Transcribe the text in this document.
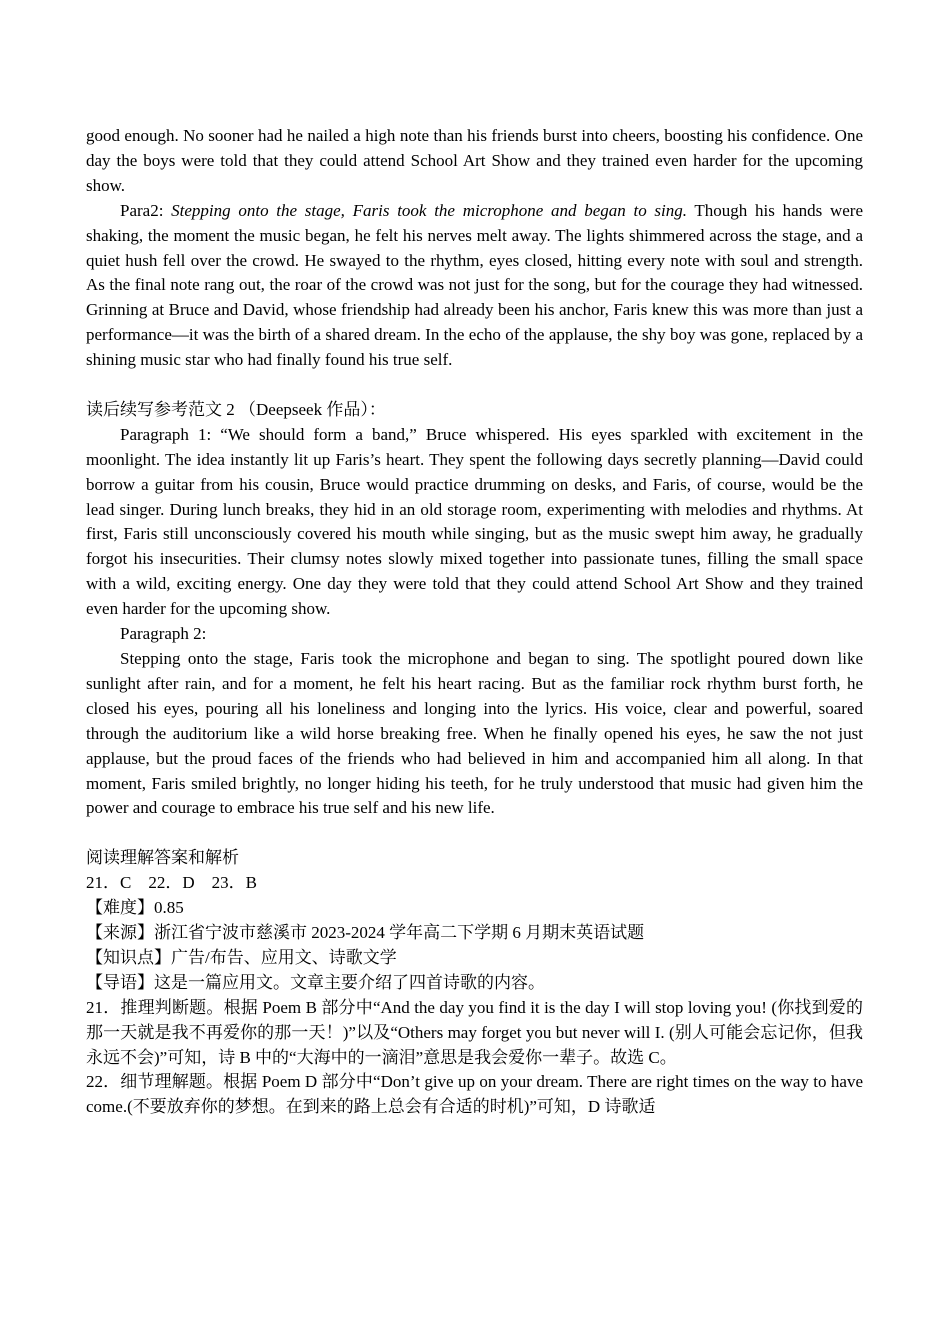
good enough. No sooner had he nailed a high note than his friends burst into cheers, boosting his confidence. One day the boys were told that they could attend School Art Show and they trained even harder for the upcoming show.

Para2: Stepping onto the stage, Faris took the microphone and began to sing. Though his hands were shaking, the moment the music began, he felt his nerves melt away. The lights shimmered across the stage, and a quiet hush fell over the crowd. He swayed to the rhythm, eyes closed, hitting every note with soul and strength. As the final note rang out, the roar of the crowd was not just for the song, but for the courage they had witnessed. Grinning at Bruce and David, whose friendship had already been his anchor, Faris knew this was more than just a performance—it was the birth of a shared dream. In the echo of the applause, the shy boy was gone, replaced by a shining music star who had finally found his true self.

读后续写参考范文 2 （Deepseek 作品）：

Paragraph 1: “We should form a band,” Bruce whispered. His eyes sparkled with excitement in the moonlight. The idea instantly lit up Faris’s heart. They spent the following days secretly planning—David could borrow a guitar from his cousin, Bruce would practice drumming on desks, and Faris, of course, would be the lead singer. During lunch breaks, they hid in an old storage room, experimenting with melodies and rhythms. At first, Faris still unconsciously covered his mouth while singing, but as the music swept him away, he gradually forgot his insecurities. Their clumsy notes slowly mixed together into passionate tunes, filling the small space with a wild, exciting energy. One day they were told that they could attend School Art Show and they trained even harder for the upcoming show.

Paragraph 2:

Stepping onto the stage, Faris took the microphone and began to sing. The spotlight poured down like sunlight after rain, and for a moment, he felt his heart racing. But as the familiar rock rhythm burst forth, he closed his eyes, pouring all his loneliness and longing into the lyrics. His voice, clear and powerful, soared through the auditorium like a wild horse breaking free. When he finally opened his eyes, he saw the not just applause, but the proud faces of the friends who had believed in him and accompanied him all along. In that moment, Faris smiled brightly, no longer hiding his teeth, for he truly understood that music had given him the power and courage to embrace his true self and his new life.

阅读理解答案和解析

21．C　22．D　23．B

【难度】0.85

【来源】浙江省宁波市慈溪市 2023-2024 学年高二下学期 6 月期末英语试题

【知识点】广告/布告、应用文、诗歌文学

【导语】这是一篇应用文。文章主要介绍了四首诗歌的内容。

21．推理判断题。根据 Poem B 部分中“And the day you find it is the day I will stop loving you! (你找到爱的那一天就是我不再爱你的那一天！)”以及“Others may forget you but never will I. (别人可能会忘记你，但我永远不会)”可知，诗 B 中的“大海中的一滴泪”意思是我会爱你一辈子。故选 C。

22．细节理解题。根据 Poem D 部分中“Don’t give up on your dream. There are right times on the way to have come.(不要放弃你的梦想。在到来的路上总会有合适的时机)”可知，D 诗歌适
